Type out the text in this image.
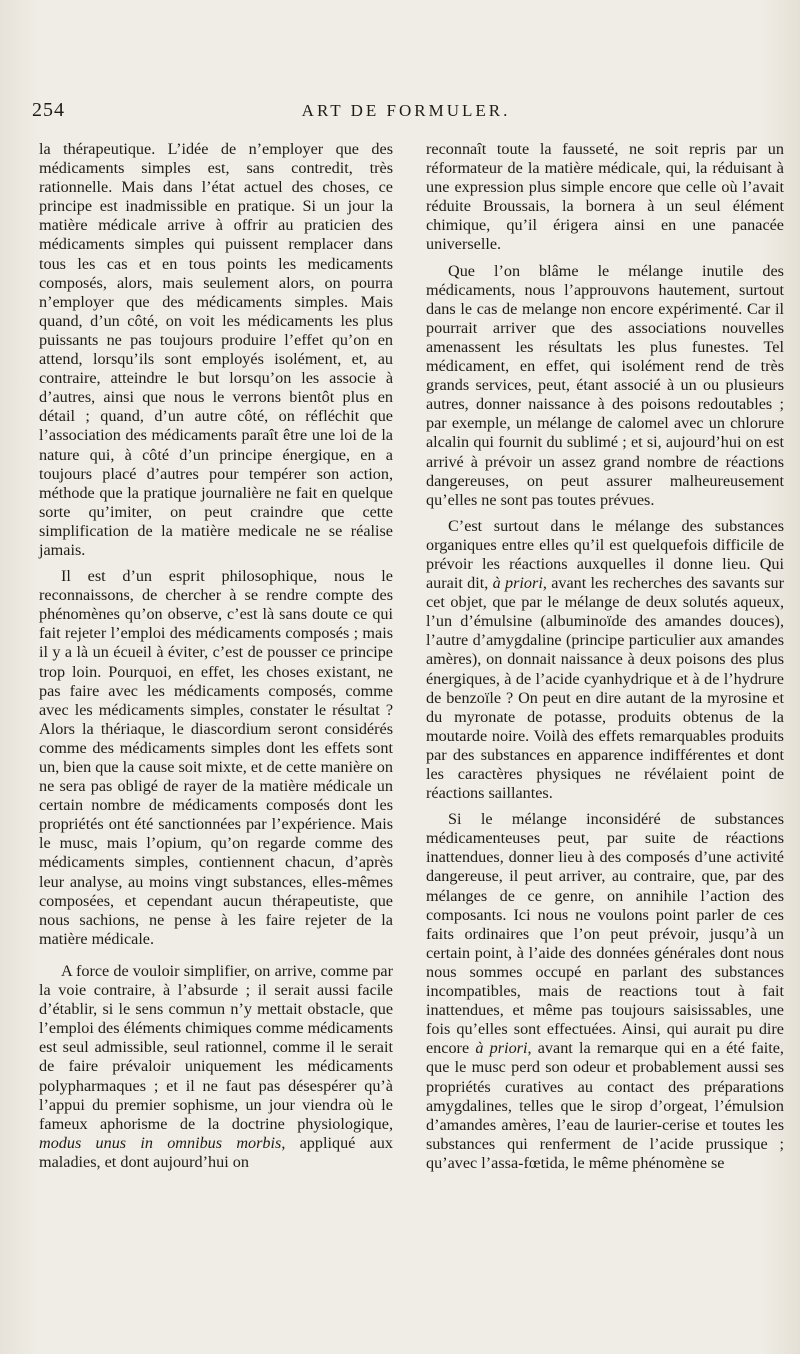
254	ART DE FORMULER.

la thérapeutique. L’idée de n’employer que des médicaments simples est, sans contredit, très rationnelle. Mais dans l’état actuel des choses, ce principe est inadmissible en pratique. Si un jour la matière médicale arrive à offrir au praticien des médicaments simples qui puissent remplacer dans tous les cas et en tous points les medicaments composés, alors, mais seulement alors, on pourra n’employer que des médicaments simples. Mais quand, d’un côté, on voit les médicaments les plus puissants ne pas toujours produire l’effet qu’on en attend, lorsqu’ils sont employés isolément, et, au contraire, atteindre le but lorsqu’on les associe à d’autres, ainsi que nous le verrons bientôt plus en détail ; quand, d’un autre côté, on réfléchit que l’association des médicaments paraît être une loi de la nature qui, à côté d’un principe énergique, en a toujours placé d’autres pour tempérer son action, méthode que la pratique journalière ne fait en quelque sorte qu’imiter, on peut craindre que cette simplification de la matière medicale ne se réalise jamais.

Il est d’un esprit philosophique, nous le reconnaissons, de chercher à se rendre compte des phénomènes qu’on observe, c’est là sans doute ce qui fait rejeter l’emploi des médicaments composés ; mais il y a là un écueil à éviter, c’est de pousser ce principe trop loin. Pourquoi, en effet, les choses existant, ne pas faire avec les médicaments composés, comme avec les médicaments simples, constater le résultat ? Alors la thériaque, le diascordium seront considérés comme des médicaments simples dont les effets sont un, bien que la cause soit mixte, et de cette manière on ne sera pas obligé de rayer de la matière médicale un certain nombre de médicaments composés dont les propriétés ont été sanctionnées par l’expérience. Mais le musc, mais l’opium, qu’on regarde comme des médicaments simples, contiennent chacun, d’après leur analyse, au moins vingt substances, elles-mêmes composées, et cependant aucun thérapeutiste, que nous sachions, ne pense à les faire rejeter de la matière médicale.

A force de vouloir simplifier, on arrive, comme par la voie contraire, à l’absurde ; il serait aussi facile d’établir, si le sens commun n’y mettait obstacle, que l’emploi des éléments chimiques comme médicaments est seul admissible, seul rationnel, comme il le serait de faire prévaloir uniquement les médicaments polypharmaques ; et il ne faut pas désespérer qu’à l’appui du premier sophisme, un jour viendra où le fameux aphorisme de la doctrine physiologique, modus unus in omnibus morbis, appliqué aux maladies, et dont aujourd’hui on

reconnaît toute la fausseté, ne soit repris par un réformateur de la matière médicale, qui, la réduisant à une expression plus simple encore que celle où l’avait réduite Broussais, la bornera à un seul élément chimique, qu’il érigera ainsi en une panacée universelle.

Que l’on blâme le mélange inutile des médicaments, nous l’approuvons hautement, surtout dans le cas de melange non encore expérimenté. Car il pourrait arriver que des associations nouvelles amenassent les résultats les plus funestes. Tel médicament, en effet, qui isolément rend de très grands services, peut, étant associé à un ou plusieurs autres, donner naissance à des poisons redoutables ; par exemple, un mélange de calomel avec un chlorure alcalin qui fournit du sublimé ; et si, aujourd’hui on est arrivé à prévoir un assez grand nombre de réactions dangereuses, on peut assurer malheureusement qu’elles ne sont pas toutes prévues.

C’est surtout dans le mélange des substances organiques entre elles qu’il est quelquefois difficile de prévoir les réactions auxquelles il donne lieu. Qui aurait dit, à priori, avant les recherches des savants sur cet objet, que par le mélange de deux solutés aqueux, l’un d’émulsine (albuminoïde des amandes douces), l’autre d’amygdaline (principe particulier aux amandes amères), on donnait naissance à deux poisons des plus énergiques, à de l’acide cyanhydrique et à de l’hydrure de benzoïle ? On peut en dire autant de la myrosine et du myronate de potasse, produits obtenus de la moutarde noire. Voilà des effets remarquables produits par des substances en apparence indifférentes et dont les caractères physiques ne révélaient point de réactions saillantes.

Si le mélange inconsidéré de substances médicamenteuses peut, par suite de réactions inattendues, donner lieu à des composés d’une activité dangereuse, il peut arriver, au contraire, que, par des mélanges de ce genre, on annihile l’action des composants. Ici nous ne voulons point parler de ces faits ordinaires que l’on peut prévoir, jusqu’à un certain point, à l’aide des données générales dont nous nous sommes occupé en parlant des substances incompatibles, mais de reactions tout à fait inattendues, et même pas toujours saisissables, une fois qu’elles sont effectuées. Ainsi, qui aurait pu dire encore à priori, avant la remarque qui en a été faite, que le musc perd son odeur et probablement aussi ses propriétés curatives au contact des préparations amygdalines, telles que le sirop d’orgeat, l’émulsion d’amandes amères, l’eau de laurier-cerise et toutes les substances qui renferment de l’acide prussique ; qu’avec l’assa-fœtida, le même phénomène se
